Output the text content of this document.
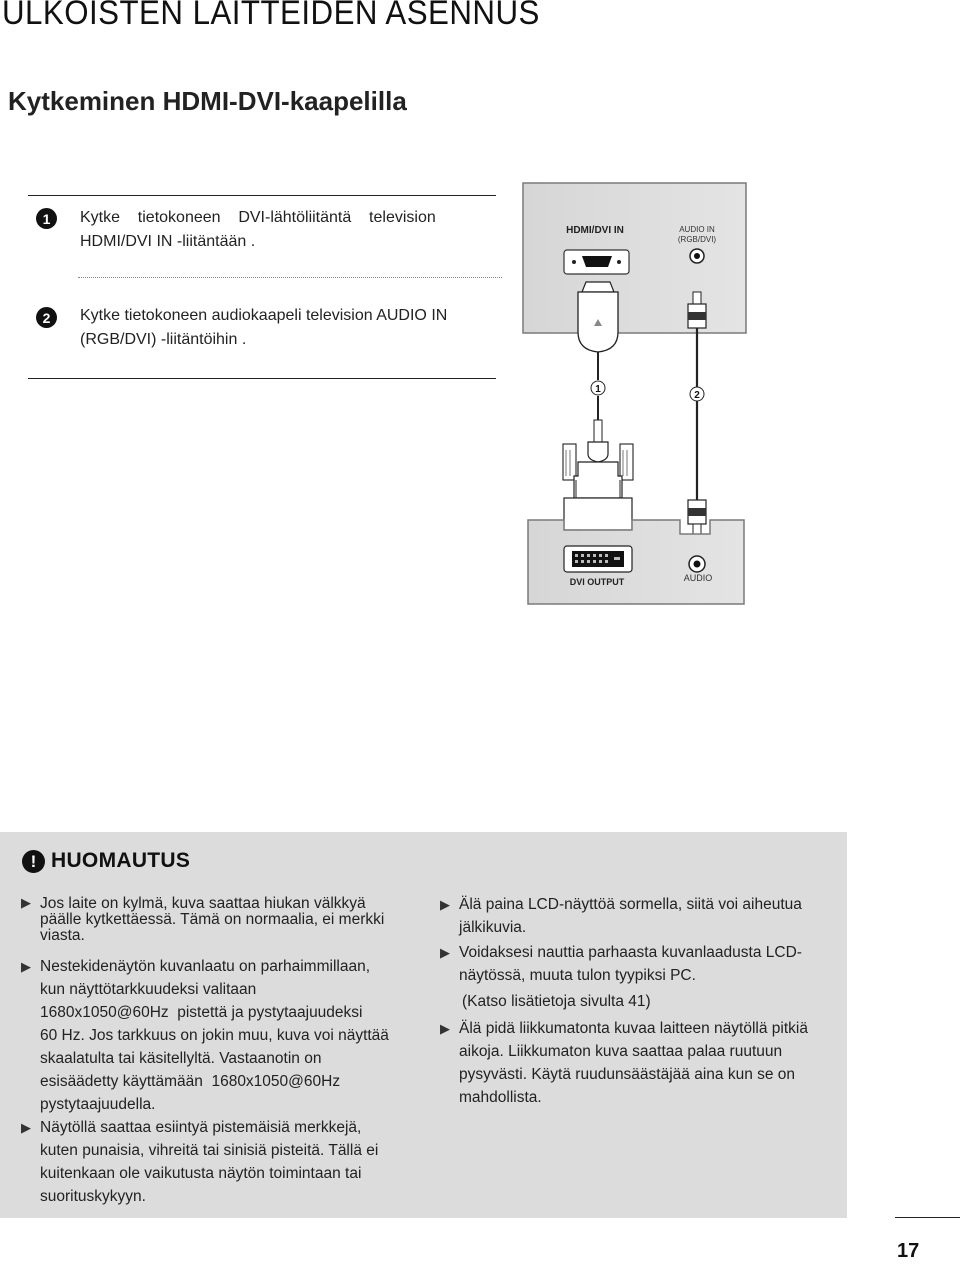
ULKOISTEN LAITTEIDEN ASENNUS
Kytkeminen HDMI-DVI-kaapelilla
1	Kytke    tietokoneen    DVI-lähtöliitäntä    television
HDMI/DVI IN -liitäntään .
2	Kytke tietokoneen audiokaapeli television AUDIO IN
(RGB/DVI) -liitäntöihin .
HDMI/DVI IN	AUDIO IN
(RGB/DVI)
1
2
DVI OUTPUT	AUDIO
! HUOMAUTUS
▶ Jos laite on kylmä, kuva saattaa hiukan välkkyä
päälle kytkettäessä. Tämä on normaalia, ei merkki
viasta.
▶ Nestekidenäytön kuvanlaatu on parhaimmillaan,
kun näyttötarkkuudeksi valitaan
1680x1050@60Hz  pistettä ja pystytaajuudeksi
60 Hz. Jos tarkkuus on jokin muu, kuva voi näyttää
skaalatulta tai käsitellyltä. Vastaanotin on
esisäädetty käyttämään  1680x1050@60Hz
pystytaajuudella.
▶ Näytöllä saattaa esiintyä pistemäisiä merkkejä,
kuten punaisia, vihreitä tai sinisiä pisteitä. Tällä ei
kuitenkaan ole vaikutusta näytön toimintaan tai
suorituskykyyn.
▶ Älä paina LCD-näyttöä sormella, siitä voi aiheutua
jälkikuvia.
▶ Voidaksesi nauttia parhaasta kuvanlaadusta LCD-
näytössä, muuta tulon tyypiksi PC.
(Katso lisätietoja sivulta 41)
▶ Älä pidä liikkumatonta kuvaa laitteen näytöllä pitkiä
aikoja. Liikkumaton kuva saattaa palaa ruutuun
pysyvästi. Käytä ruudunsäästäjää aina kun se on
mahdollista.
17
